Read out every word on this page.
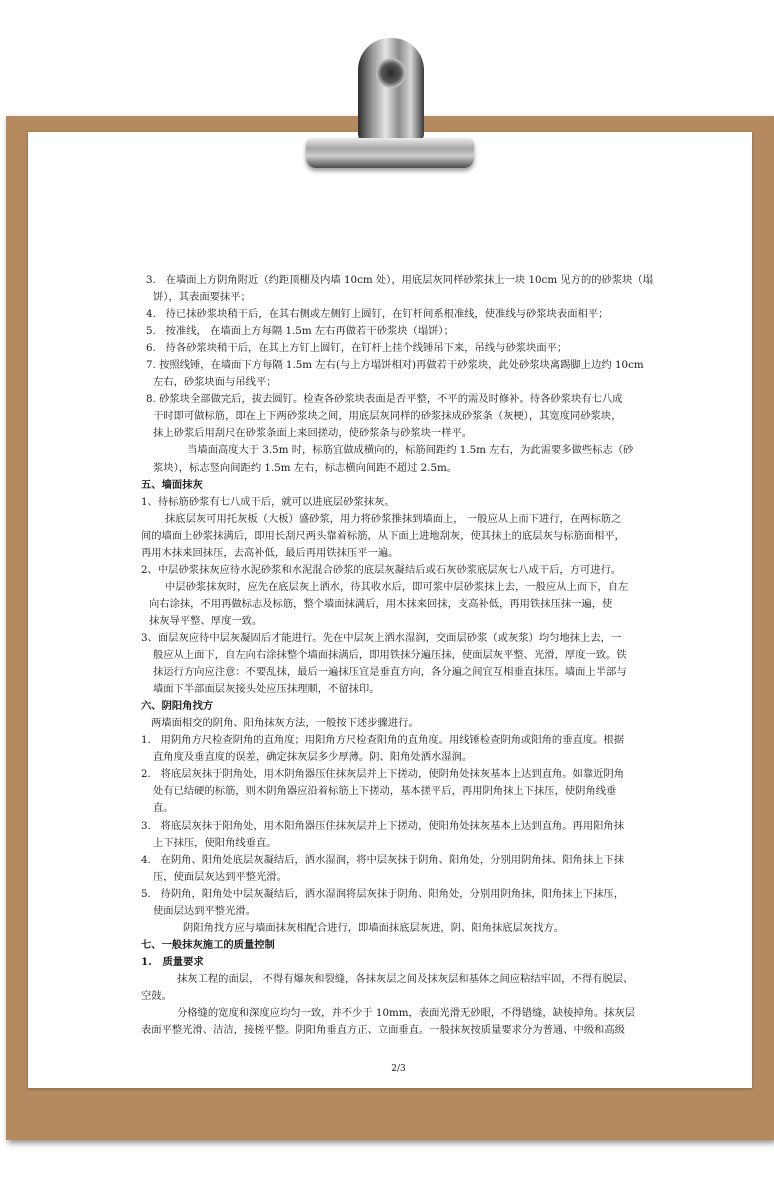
3.   在墙面上方阴角附近（约距顶棚及内墙 10cm 处），用底层灰同样砂浆抹上一块 10cm 见方的的砂浆块（塌

饼），其表面要抹平；

4.   待已抹砂浆块稍干后，在其右侧或左侧钉上圆钉，在钉杆间系根准线，使准线与砂浆块表面相平；

5.   按准线， 在墙面上方每隔 1.5m 左右再做若干砂浆块（塌饼）；

6.   待各砂浆块稍干后，在其上方钉上圆钉，在钉杆上挂个线锤吊下来，吊线与砂浆块面平；

7. 按照线锤，在墙面下方每隔 1.5m 左右(与上方塌饼相对)再做若干砂浆块，此处砂浆块离踢脚上边约 10cm

左右，砂浆块面与吊线平；

8. 砂浆块全部做完后，拔去圆钉。检查各砂浆块表面是否平整，不平的需及时修补。待各砂浆块有七八成

干时即可做标筋，即在上下两砂浆块之间，用底层灰同样的砂浆抹成砂浆条（灰梗），其宽度同砂浆块，

抹上砂浆后用刮尺在砂浆条面上来回搓动，使砂浆条与砂浆块一样平。

当墙面高度大于 3.5m 时，标筋宜做成横向的，标筋间距约 1.5m 左右，为此需要多做些标志（砂

浆块），标志竖向间距约 1.5m 左右，标志横向间距不超过 2.5m。

五、墙面抹灰

1、待标筋砂浆有七八成干后，就可以进底层砂浆抹灰。

抹底层灰可用托灰板（大板）盛砂浆，用力将砂浆推抹到墙面上， 一般应从上而下进行，在两标筋之

间的墙面上砂浆抹满后，即用长刮尺两头靠着标筋，从下面上进地刮灰，使其抹上的底层灰与标筋面相平，

再用木抹来回抹压，去高补低，最后再用铁抹压平一遍。

2、中层砂浆抹灰应待水泥砂浆和水泥混合砂浆的底层灰凝结后或石灰砂浆底层灰七八成干后，方可进行。

中层砂浆抹灰时，应先在底层灰上洒水，待其收水后，即可浆中层砂浆抹上去，一般应从上而下，自左

向右涂抹，不用再做标志及标筋，整个墙面抹满后，用木抹来回抹，支高补低，再用铁抹压抹一遍，使

抹灰导平整、厚度一致。

3、面层灰应待中层灰凝固后才能进行。先在中层灰上洒水湿润，交面层砂浆（或灰浆）均匀地抹上去，一

般应从上面下，自左向右涂抹整个墙面抹满后，即用铁抹分遍压抹，使面层灰平整、光滑，厚度一致。铁

抹运行方向应注意：不要乱抹，最后一遍抹压宜是垂直方向，各分遍之间宜互相垂直抹压。墙面上半部与

墙面下半部面层灰接头处应压抹理顺，不留抹印。

六、阴阳角找方

两墙面相交的阴角、阳角抹灰方法，一般按下述步骤进行。

1.   用阴角方尺检查阴角的直角度；用阳角方尺检查阳角的直角度。用线锤检查阴角或阳角的垂直度。根据

直角度及垂直度的误差，确定抹灰层多少厚薄。阴、阳角处洒水湿润。

2.   将底层灰抹于阴角处，用木阴角器压住抹灰层并上下搓动，使阴角处抹灰基本上达到直角。如靠近阴角

处有已结硬的标筋，则木阴角器应沿着标筋上下搓动，基本搓平后，再用阴角抹上下抹压，使阴角线垂

直。

3.   将底层灰抹于阳角处，用木阳角器压住抹灰层并上下搓动，使阳角处抹灰基本上达到直角。再用阳角抹

上下抹压，使阳角线垂直。

4.   在阴角、阳角处底层灰凝结后，洒水湿润，将中层灰抹于阴角、阳角处，分别用阴角抹、阳角抹上下抹

压，使面层灰达到平整光滑。

5.   待阴角，阳角处中层灰凝结后，洒水湿润将层灰抹于阴角、阳角处，分别用阴角抹，阳角抹上下抹压，

使面层达到平整光滑。

阴阳角找方应与墙面抹灰相配合进行，即墙面抹底层灰进，阴、阳角抹底层灰找方。

七、一般抹灰施工的质量控制

1.   质量要求

抹灰工程的面层， 不得有爆灰和裂缝，各抹灰层之间及抹灰层和基体之间应粘结牢固，不得有脱层、

空鼓。

分格缝的宽度和深度应均匀一致，并不少于 10mm，表面光滑无砂眼，不得错缝，缺棱掉角。抹灰层

表面平整光滑、洁洁，接槎平整。阴阳角垂直方正、立面垂直。一般抹灰按质量要求分为普通、中级和高级

2/3
